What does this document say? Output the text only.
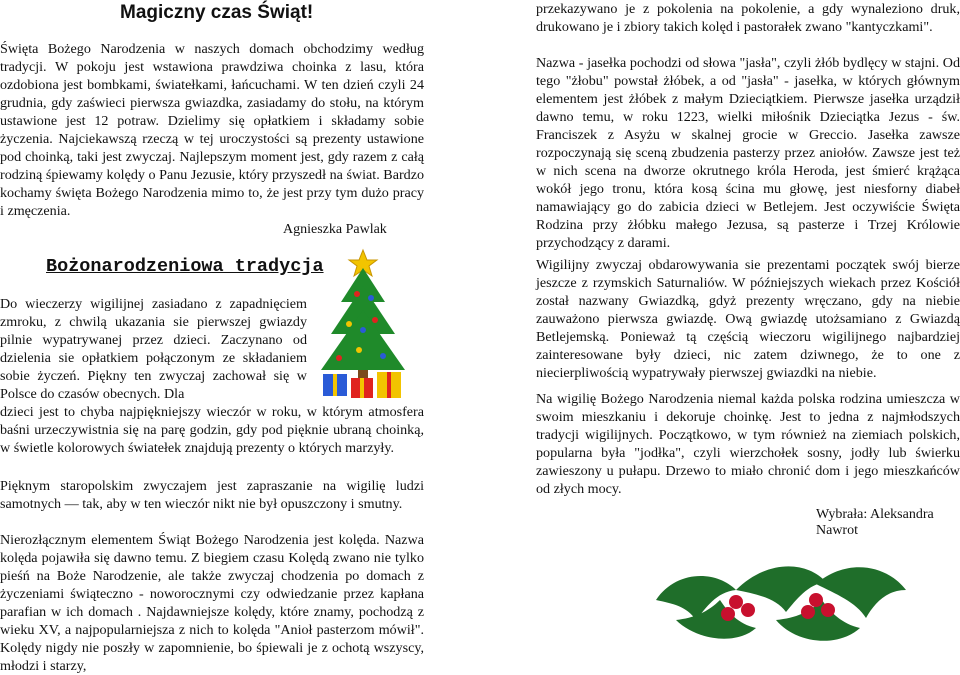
Magiczny czas Świąt!

Święta Bożego Narodzenia w naszych domach obchodzimy według tradycji. W pokoju jest wstawiona prawdziwa choinka z lasu, która ozdobiona jest bombkami, światełkami, łańcuchami. W ten dzień czyli 24 grudnia, gdy zaświeci pierwsza gwiazdka, zasiadamy do stołu, na którym ustawione jest 12 potraw. Dzielimy się opłatkiem i składamy sobie życzenia. Najciekawszą rzeczą w tej uroczystości są prezenty ustawione pod choinką, taki jest zwyczaj. Najlepszym moment jest, gdy razem z całą rodziną śpiewamy kolędy o Panu Jezusie, który przyszedł na świat. Bardzo kochamy święta Bożego Narodzenia mimo to, że jest przy tym dużo pracy i zmęczenia.

Agnieszka Pawlak
Bożonarodzeniowa tradycja

Do wieczerzy wigilijnej zasiadano z zapadnięciem zmroku, z chwilą ukazania sie pierwszej gwiazdy pilnie wypatrywanej przez dzieci. Zaczynano od dzielenia sie opłatkiem połączonym ze składaniem sobie życzeń. Piękny ten zwyczaj zachował się w Polsce do czasów obecnych. Dla

dzieci jest to chyba najpiękniejszy wieczór w roku, w którym atmosfera baśni urzeczywistnia się na parę godzin, gdy pod pięknie ubraną choinką, w świetle kolorowych światełek znajdują prezenty o których marzyły.

Pięknym staropolskim zwyczajem jest zapraszanie na wigilię ludzi samotnych — tak, aby w ten wieczór nikt nie był opuszczony i smutny.

Nierozłącznym elementem Świąt Bożego Narodzenia jest kolęda. Nazwa kolęda pojawiła się dawno temu. Z biegiem czasu Kolędą zwano nie tylko pieśń na Boże Narodzenie, ale także zwyczaj chodzenia po domach z życzeniami świąteczno - noworocznymi czy odwiedzanie przez kapłana parafian w ich domach . Najdawniejsze kolędy, które znamy, pochodzą z wieku XV, a najpopularniejsza z nich to kolęda "Anioł pasterzom mówił". Kolędy nigdy nie poszły w zapomnienie, bo śpiewali je z ochotą wszyscy, młodzi i starzy,

przekazywano je z pokolenia na pokolenie, a gdy wynaleziono druk, drukowano je i zbiory takich kolęd i pastorałek zwano "kantyczkami".

Nazwa - jasełka pochodzi od słowa "jasła", czyli żłób bydlęcy w stajni. Od tego "żłobu" powstał żłóbek, a od "jasła" - jasełka, w których głównym elementem jest żłóbek z małym Dzieciątkiem. Pierwsze jasełka urządził dawno temu, w roku 1223, wielki miłośnik Dzieciątka Jezus - św. Franciszek z Asyżu w skalnej grocie w Greccio. Jasełka zawsze rozpoczynają się sceną zbudzenia pasterzy przez aniołów. Zawsze jest też w nich scena na dworze okrutnego króla Heroda, jest śmierć krążąca wokół jego tronu, która kosą ścina mu głowę, jest niesforny diabeł namawiający go do zabicia dzieci w Betlejem. Jest oczywiście Święta Rodzina przy żłóbku małego Jezusa, są pasterze i Trzej Królowie przychodzący z darami.

Wigilijny zwyczaj obdarowywania sie prezentami początek swój bierze jeszcze z rzymskich Saturnaliów. W późniejszych wiekach przez Kościół został nazwany Gwiazdką, gdyż prezenty wręczano, gdy na niebie zauważono pierwsza gwiazdę. Ową gwiazdę utożsamiano z Gwiazdą Betlejemską. Ponieważ tą częścią wieczoru wigilijnego najbardziej zainteresowane były dzieci, nic zatem dziwnego, że to one z niecierpliwością wypatrywały pierwszej gwiazdki na niebie.

Na wigilię Bożego Narodzenia niemal każda polska rodzina umieszcza w swoim mieszkaniu i dekoruje choinkę. Jest to jedna z najmłodszych tradycji wigilijnych. Początkowo, w tym również na ziemiach polskich, popularna była "jodłka", czyli wierzchołek sosny, jodły lub świerku zawieszony u pułapu. Drzewo to miało chronić dom i jego mieszkańców od złych mocy.

Wybrała: Aleksandra Nawrot
